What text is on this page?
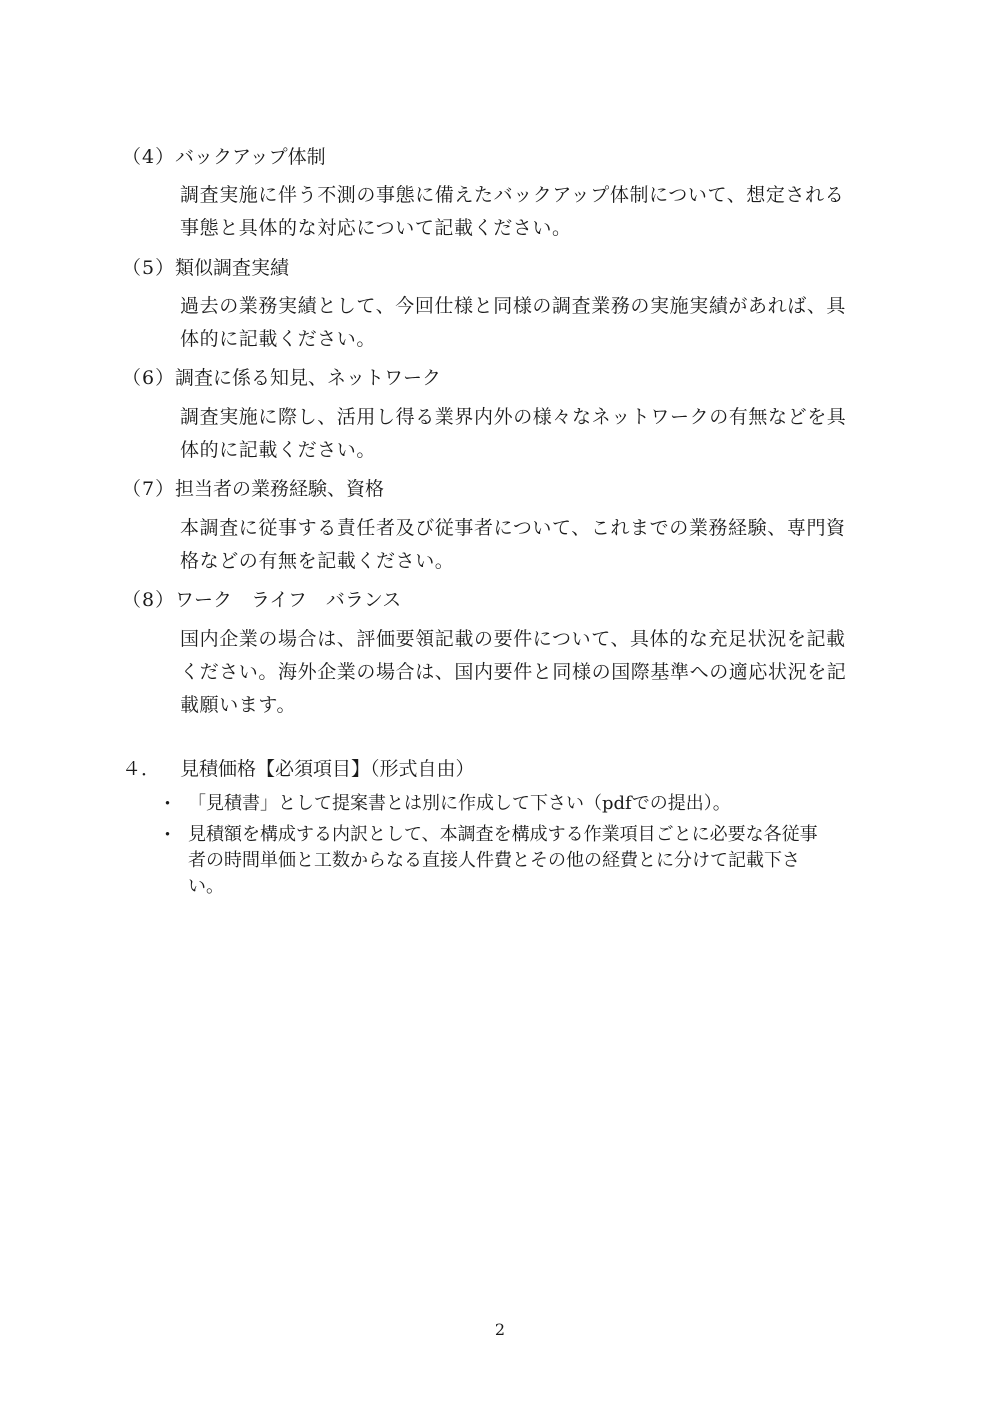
（4）バックアップ体制
調査実施に伴う不測の事態に備えたバックアップ体制について、想定される
事態と具体的な対応について記載ください。
（5）類似調査実績
過去の業務実績として、今回仕様と同様の調査業務の実施実績があれば、具
体的に記載ください。
（6）調査に係る知見、ネットワーク
調査実施に際し、活用し得る業界内外の様々なネットワークの有無などを具
体的に記載ください。
（7）担当者の業務経験、資格
本調査に従事する責任者及び従事者について、これまでの業務経験、専門資
格などの有無を記載ください。
（8）ワーク　ライフ　バランス
国内企業の場合は、評価要領記載の要件について、具体的な充足状況を記載
ください。海外企業の場合は、国内要件と同様の国際基準への適応状況を記
載願います。
４． 見積価格【必須項目】（形式自由）
・ 「見積書」として提案書とは別に作成して下さい（pdfでの提出）。
・ 見積額を構成する内訳として、本調査を構成する作業項目ごとに必要な各従事
者の時間単価と工数からなる直接人件費とその他の経費とに分けて記載下さ
い。
2
